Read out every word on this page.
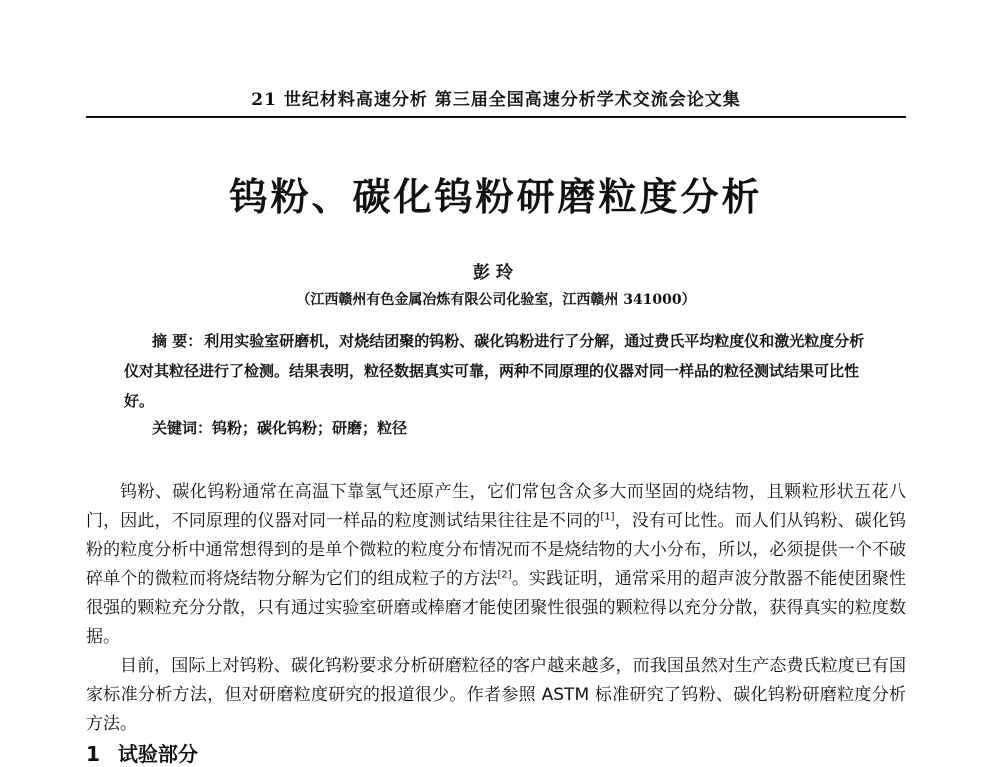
21 世纪材料高速分析 第三届全国高速分析学术交流会论文集
钨粉、碳化钨粉研磨粒度分析
彭玲
（江西赣州有色金属冶炼有限公司化验室，江西赣州 341000）

摘 要： 利用实验室研磨机，对烧结团聚的钨粉、碳化钨粉进行了分解，通过费氏平均粒度仪和激光粒度分析仪对其粒径进行了检测。结果表明，粒径数据真实可靠，两种不同原理的仪器对同一样品的粒径测试结果可比性好。

关键词：钨粉；碳化钨粉；研磨；粒径

钨粉、碳化钨粉通常在高温下靠氢气还原产生，它们常包含众多大而坚固的烧结物，且颗粒形状五花八门，因此，不同原理的仪器对同一样品的粒度测试结果往往是不同的[1]，没有可比性。而人们从钨粉、碳化钨粉的粒度分析中通常想得到的是单个微粒的粒度分布情况而不是烧结物的大小分布，所以，必须提供一个不破碎单个的微粒而将烧结物分解为它们的组成粒子的方法[2]。实践证明，通常采用的超声波分散器不能使团聚性很强的颗粒充分分散，只有通过实验室研磨或棒磨才能使团聚性很强的颗粒得以充分分散，获得真实的粒度数据。

目前，国际上对钨粉、碳化钨粉要求分析研磨粒径的客户越来越多，而我国虽然对生产态费氏粒度已有国家标准分析方法，但对研磨粒度研究的报道很少。作者参照 ASTM 标准研究了钨粉、碳化钨粉研磨粒度分析方法。

1 试验部分
